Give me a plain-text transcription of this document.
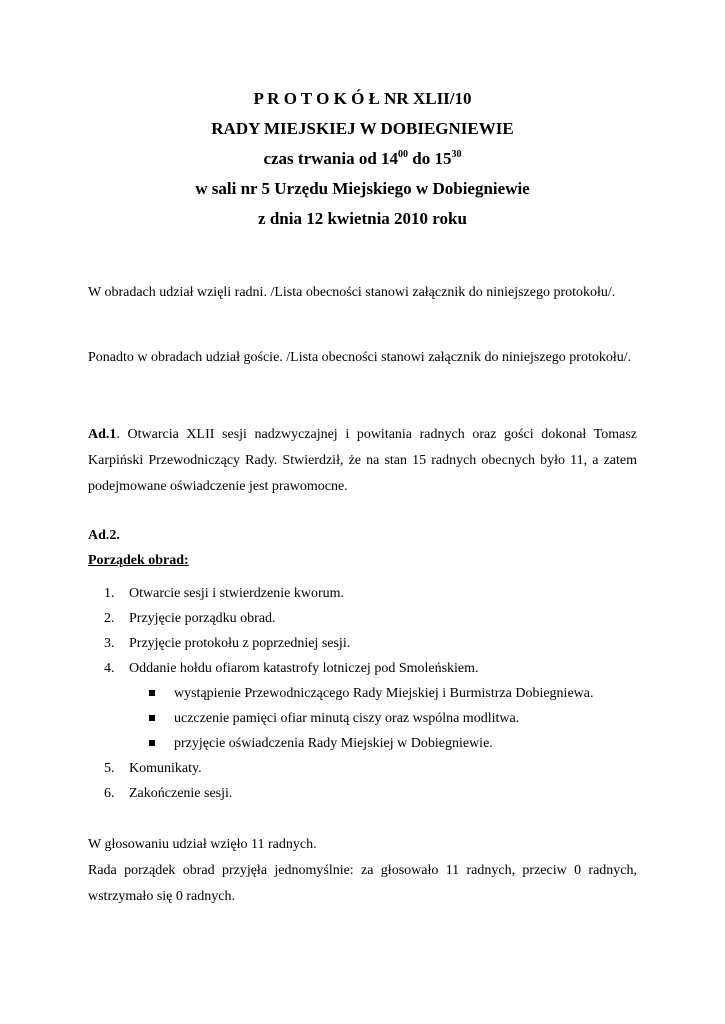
P R O T O K Ó Ł NR XLII/10
RADY MIEJSKIEJ W DOBIEGNIEWIE
czas trwania od $14^{00}$ do $15^{30}$
w sali nr 5 Urzędu Miejskiego w Dobiegniewie
z dnia 12 kwietnia 2010 roku
W obradach udział wzięli radni. /Lista obecności stanowi załącznik do niniejszego protokołu/.
Ponadto w obradach udział goście. /Lista obecności stanowi załącznik do niniejszego protokołu/.
Ad.1. Otwarcia XLII sesji nadzwyczajnej i powitania radnych oraz gości dokonał Tomasz Karpiński Przewodniczący Rady. Stwierdził, że na stan 15 radnych obecnych było 11, a zatem podejmowane oświadczenie jest prawomocne.
Ad.2.
Porządek obrad:
1. Otwarcie sesji i stwierdzenie kworum.
2. Przyjęcie porządku obrad.
3. Przyjęcie protokołu z poprzedniej sesji.
4. Oddanie hołdu ofiarom katastrofy lotniczej pod Smoleńskiem.
wystąpienie Przewodniczącego Rady Miejskiej i Burmistrza Dobiegniewa.
uczczenie pamięci ofiar minutą ciszy oraz wspólna modlitwa.
przyjęcie oświadczenia Rady Miejskiej w Dobiegniewie.
5. Komunikaty.
6. Zakończenie sesji.
W głosowaniu udział wzięło 11 radnych.
Rada porządek obrad przyjęła jednomyślnie: za głosowało 11 radnych, przeciw 0 radnych, wstrzymało się 0 radnych.
